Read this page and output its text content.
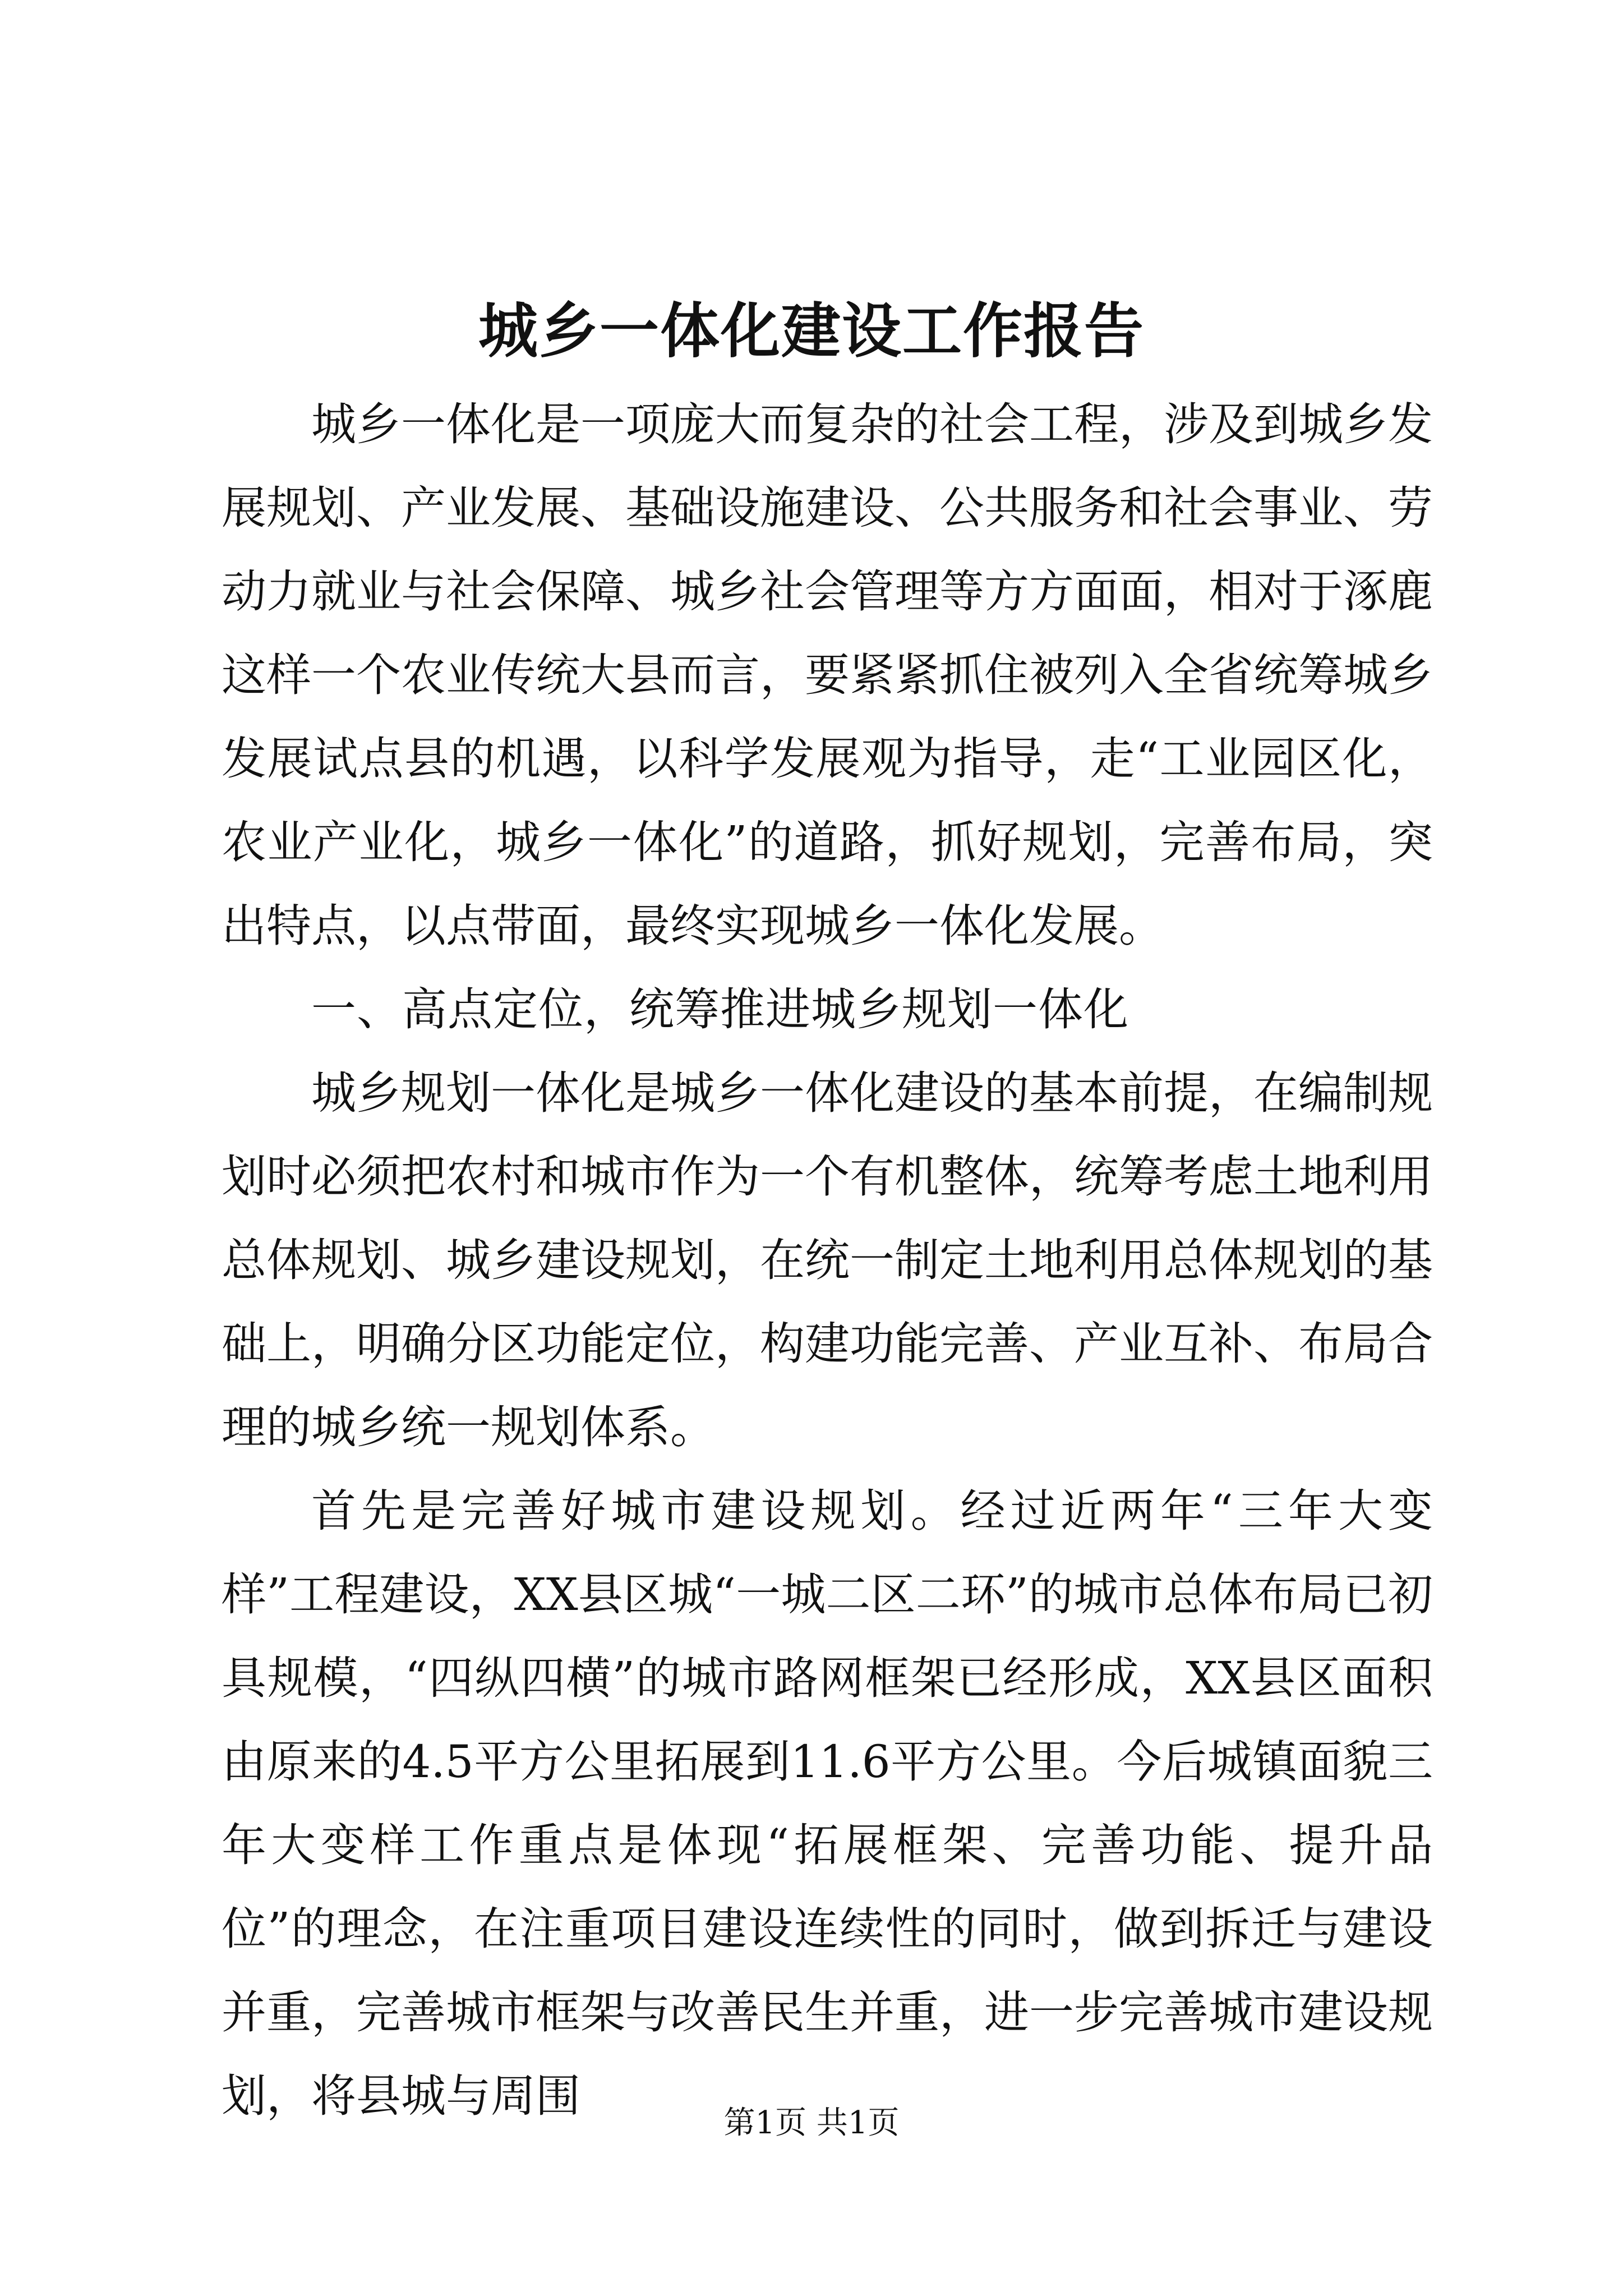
城乡一体化建设工作报告

城乡一体化是一项庞大而复杂的社会工程，涉及到城乡发展规划、产业发展、基础设施建设、公共服务和社会事业、劳动力就业与社会保障、城乡社会管理等方方面面，相对于涿鹿这样一个农业传统大县而言，要紧紧抓住被列入全省统筹城乡发展试点县的机遇，以科学发展观为指导，走“工业园区化，农业产业化，城乡一体化”的道路，抓好规划，完善布局，突出特点，以点带面，最终实现城乡一体化发展。

一、高点定位，统筹推进城乡规划一体化

城乡规划一体化是城乡一体化建设的基本前提，在编制规划时必须把农村和城市作为一个有机整体，统筹考虑土地利用总体规划、城乡建设规划，在统一制定土地利用总体规划的基础上，明确分区功能定位，构建功能完善、产业互补、布局合理的城乡统一规划体系。

首先是完善好城市建设规划。经过近两年“三年大变样”工程建设，XX县区城“一城二区二环”的城市总体布局已初具规模，“四纵四横”的城市路网框架已经形成，XX县区面积由原来的4.5平方公里拓展到11.6平方公里。今后城镇面貌三年大变样工作重点是体现“拓展框架、完善功能、提升品位”的理念，在注重项目建设连续性的同时，做到拆迁与建设并重，完善城市框架与改善民生并重，进一步完善城市建设规划，将县城与周围

第1页 共1页
